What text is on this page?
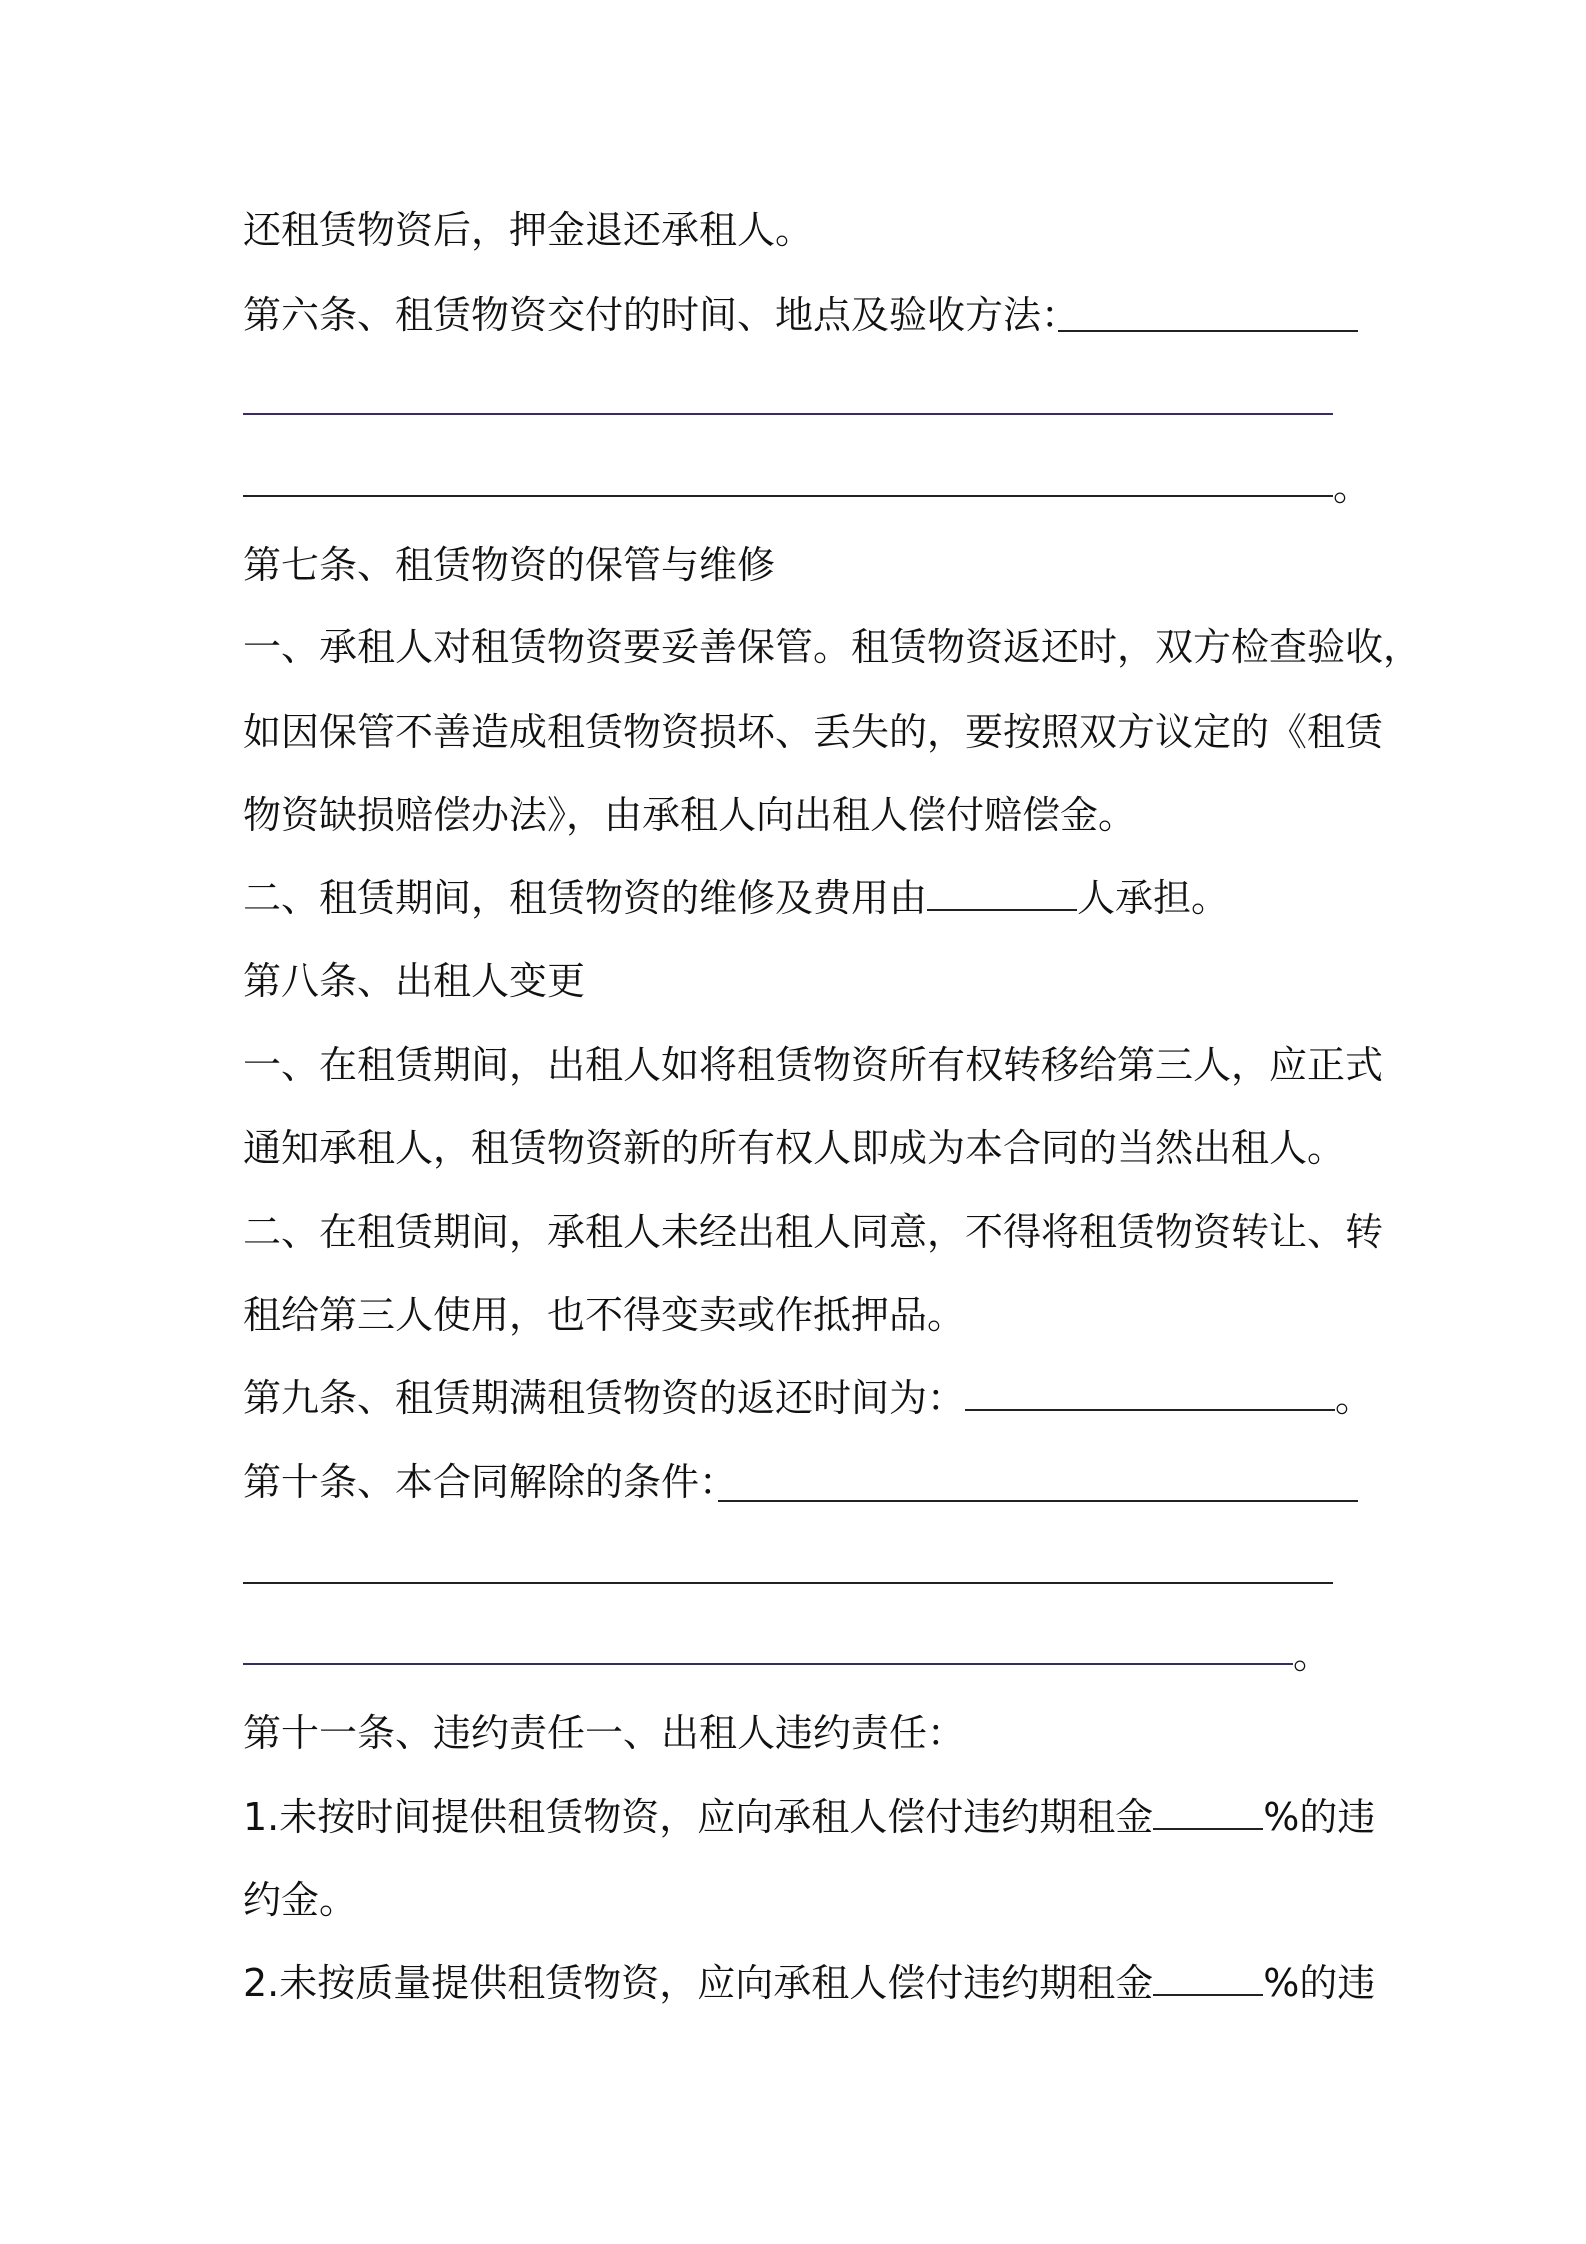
还租赁物资后，押金退还承租人。
第六条、租赁物资交付的时间、地点及验收方法：
。
第七条、租赁物资的保管与维修
一、承租人对租赁物资要妥善保管。租赁物资返还时，双方检查验收，
如因保管不善造成租赁物资损坏、丢失的，要按照双方议定的《租赁
物资缺损赔偿办法》，由承租人向出租人偿付赔偿金。
二、租赁期间，租赁物资的维修及费用由	人承担。
第八条、出租人变更
一、在租赁期间，出租人如将租赁物资所有权转移给第三人，应正式
通知承租人，租赁物资新的所有权人即成为本合同的当然出租人。
二、在租赁期间，承租人未经出租人同意，不得将租赁物资转让、转
租给第三人使用，也不得变卖或作抵押品。
第九条、租赁期满租赁物资的返还时间为：	。
第十条、本合同解除的条件：
。
第十一条、违约责任一、出租人违约责任：
1.未按时间提供租赁物资，应向承租人偿付违约期租金	%的违
约金。
2.未按质量提供租赁物资，应向承租人偿付违约期租金	%的违
